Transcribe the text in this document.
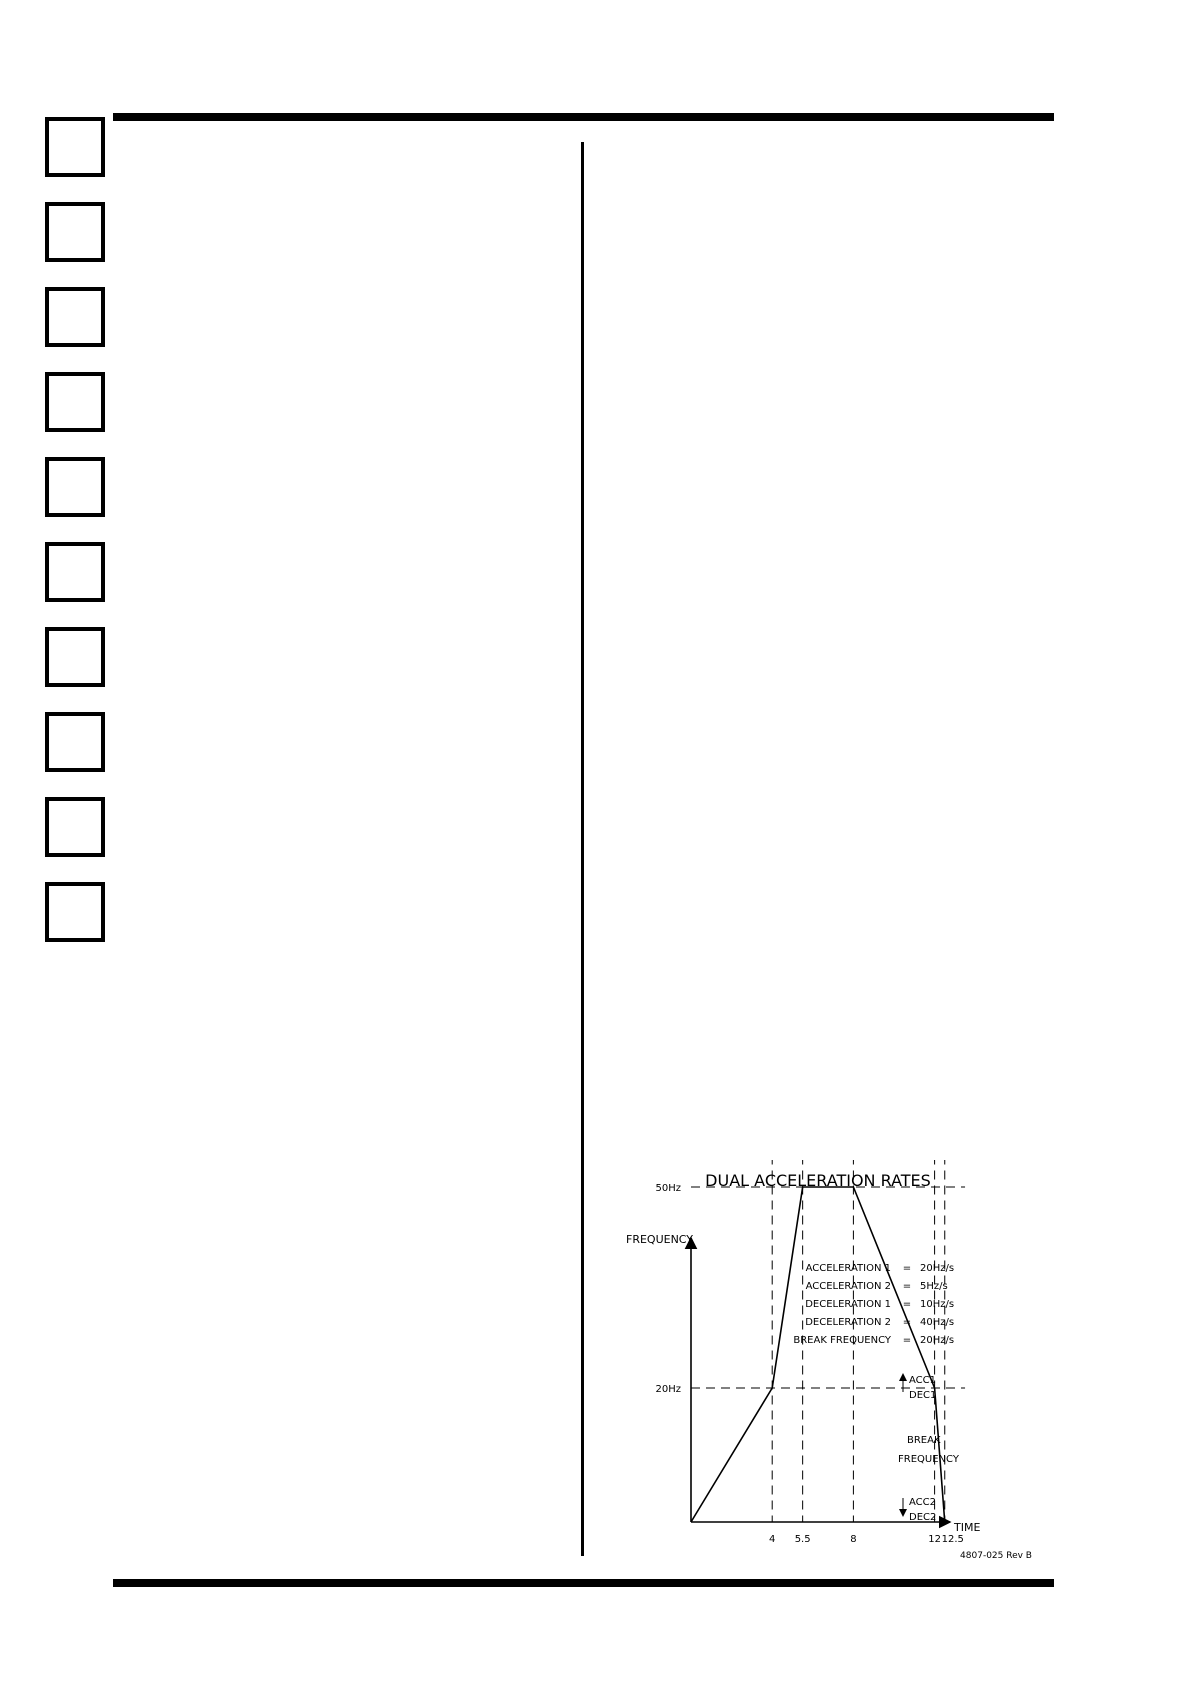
DUAL ACCELERATION RATES
FREQUENCY
TIME
50Hz
20Hz
4 5.5	8	12 12.5
ACCELERATION 1 = 20Hz/s
ACCELERATION 2 = 5Hz/s
DECELERATION 1 = 10Hz/s
DECELERATION 2 = 40Hz/s
BREAK FREQUENCY = 20Hz/s
ACC1
DEC1
BREAK
FREQUENCY
ACC2
DEC2
4807-025 Rev B
